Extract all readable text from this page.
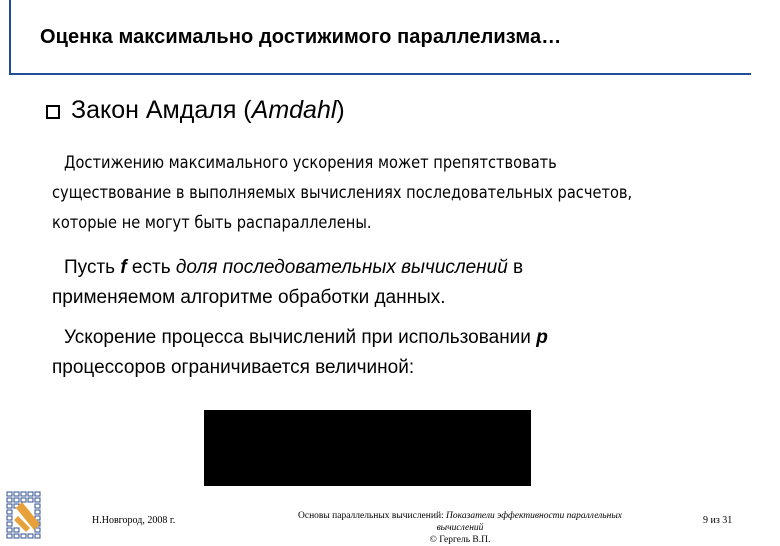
Оценка максимально достижимого параллелизма…
Закон Амдаля (Amdahl)
Достижению максимального ускорения может препятствовать
существование в выполняемых вычислениях последовательных расчетов,
которые не могут быть распараллелены.
Пусть f есть доля последовательных вычислений в
применяемом алгоритме обработки данных.
Ускорение процесса вычислений при использовании p
процессоров ограничивается величиной:
Н.Новгород, 2008 г.	Основы параллельных вычислений: Показатели эффективности параллельных
вычислений
© Гергель В.П.
9 из 31
